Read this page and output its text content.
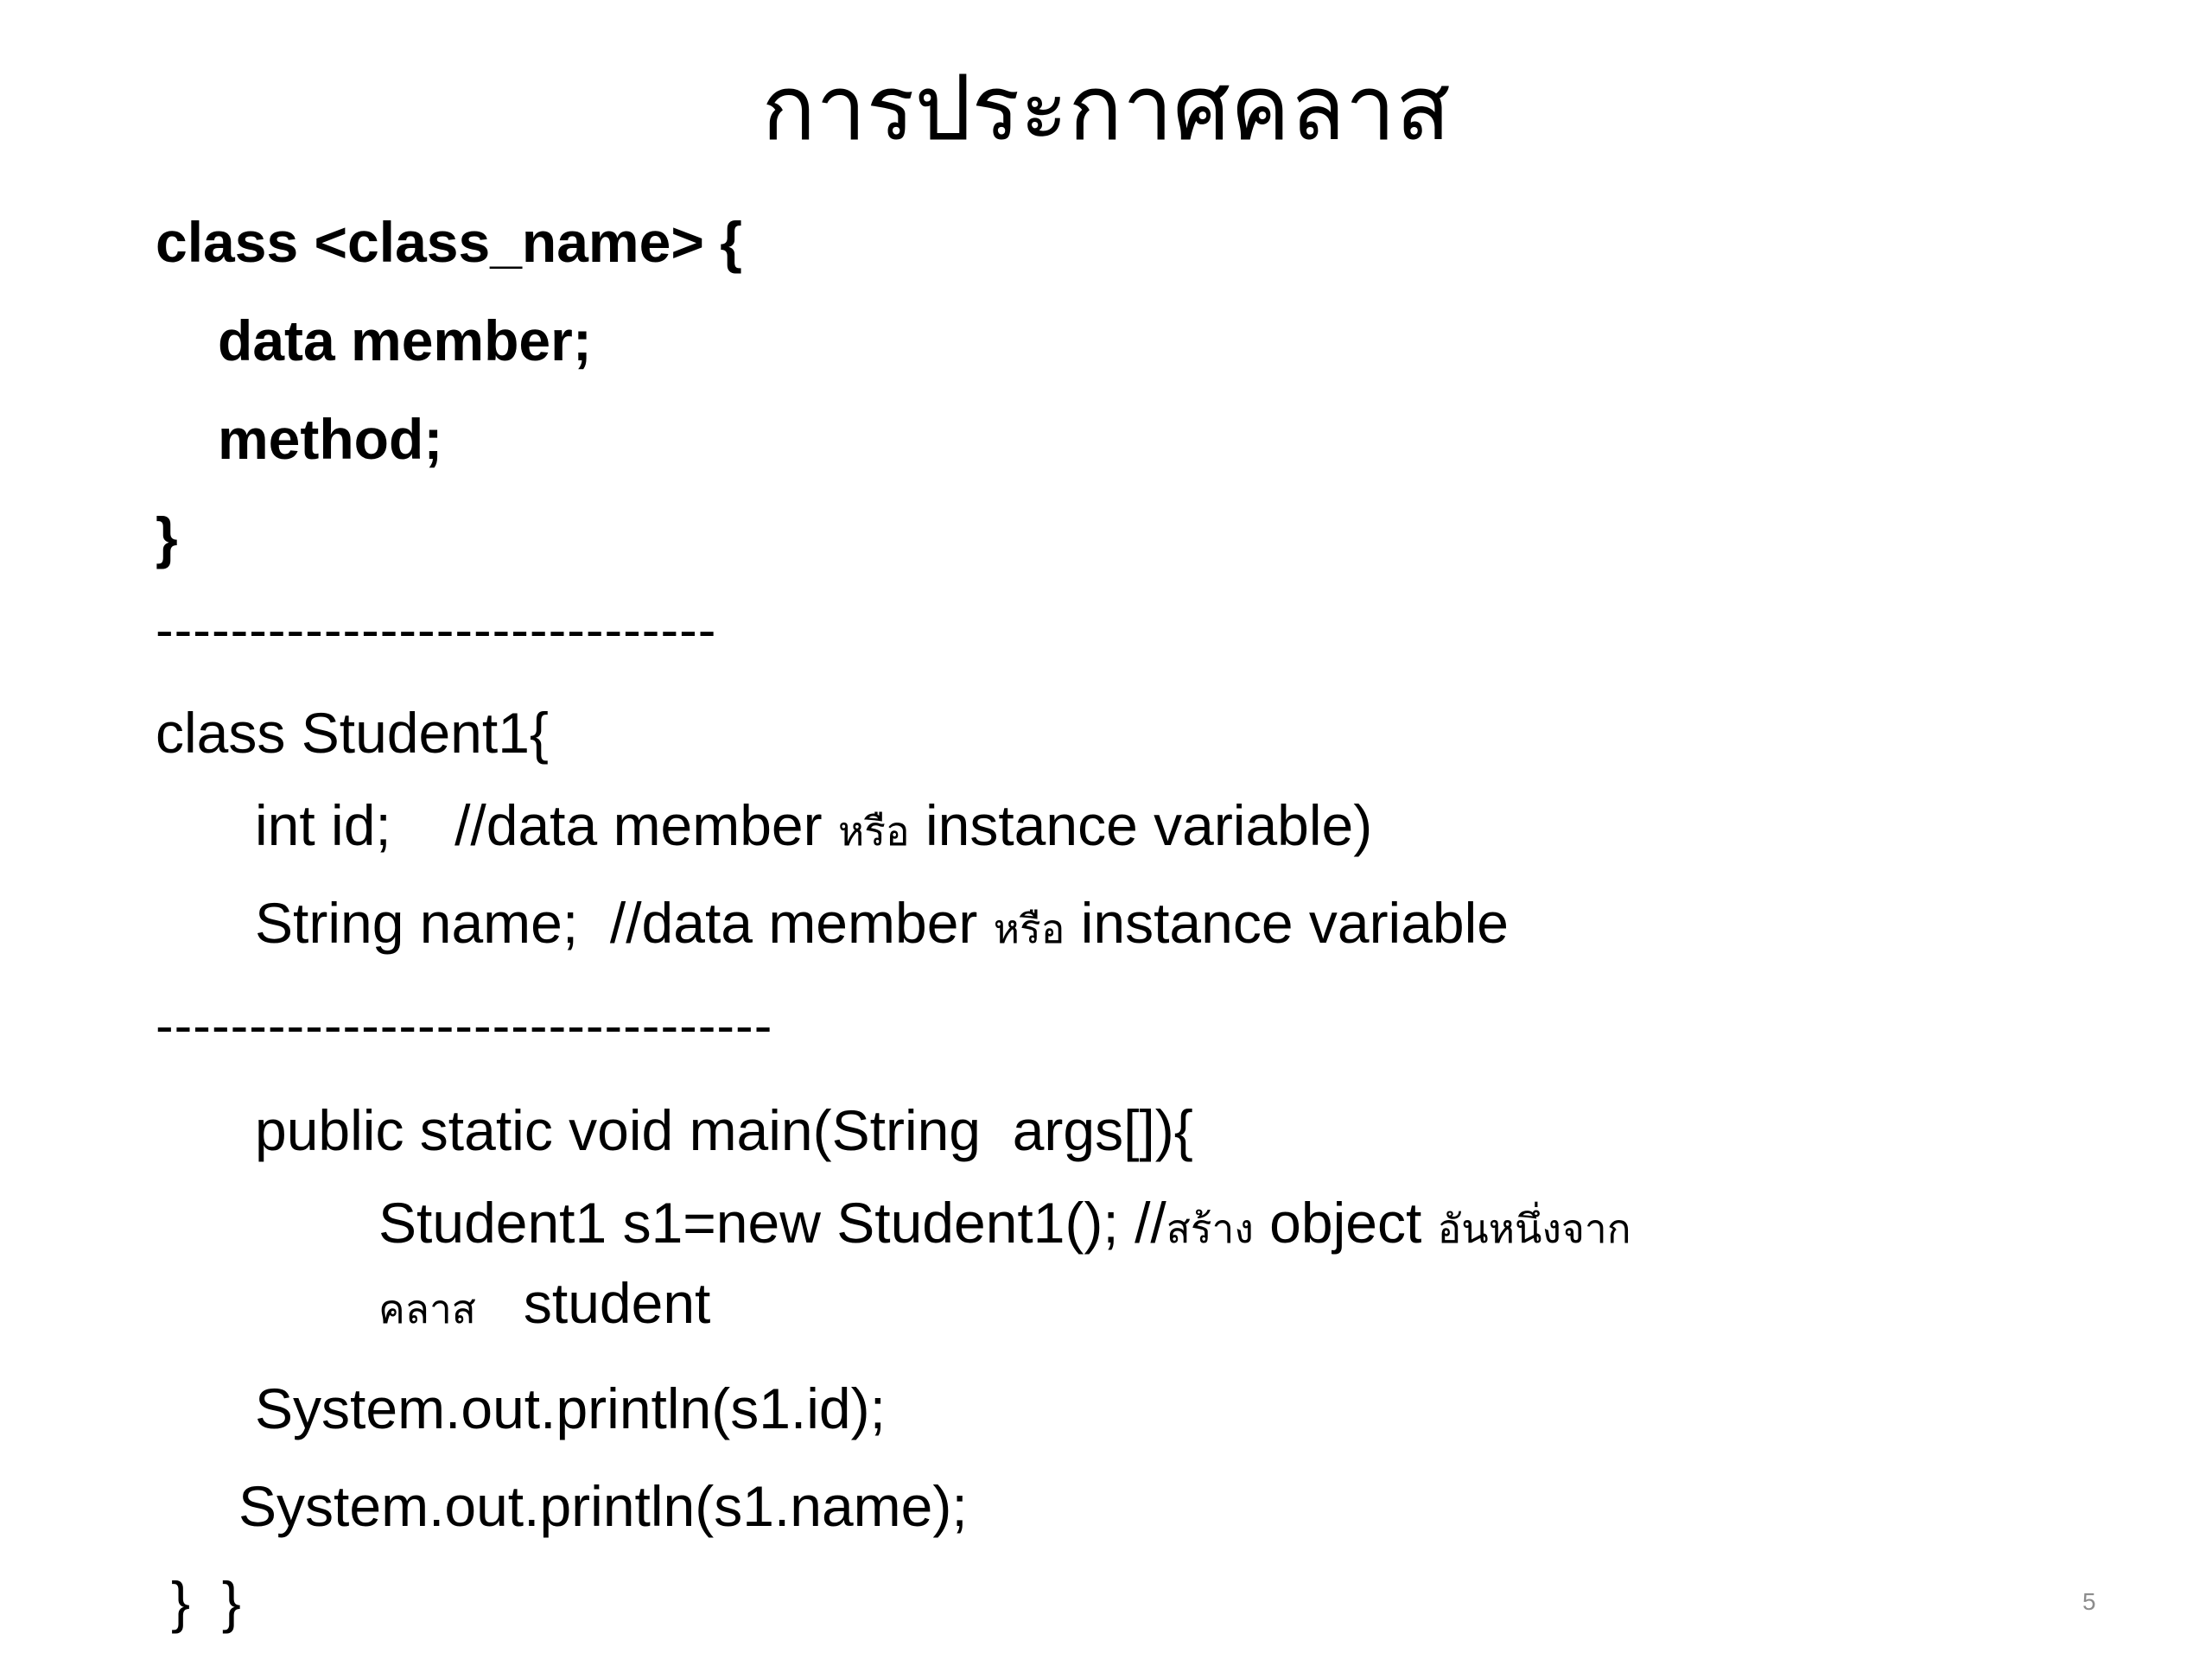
การประกาศคลาส
class <class_name> {
data member;
method;
}
------------------------------
class Student1{
int id;    //data member หรือ instance variable)
String name;  //data member หรือ instance variable
---------------------------------
public static void main(String  args[]){
Student1 s1=new Student1(); //สร้าง object อันหนึ่งจาก
คลาส   student
System.out.println(s1.id);
System.out.println(s1.name);
}  }	5
